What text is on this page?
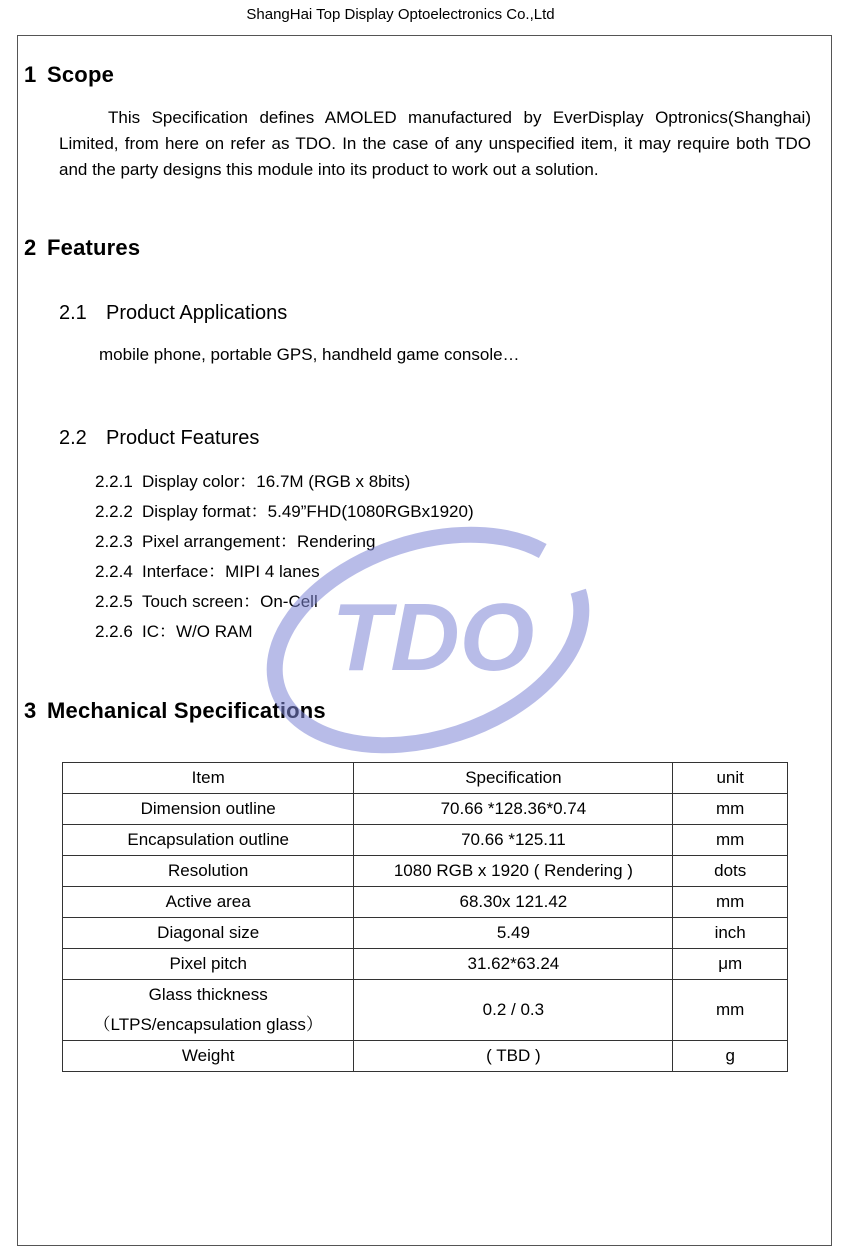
ShangHai Top Display Optoelectronics Co.,Ltd
1 Scope
This Specification defines AMOLED manufactured by EverDisplay Optronics(Shanghai) Limited, from here on refer as TDO. In the case of any unspecified item, it may require both TDO and the party designs this module into its product to work out a solution.
2 Features
2.1 Product Applications
mobile phone, portable GPS, handheld game console…
2.2 Product Features
2.2.1 Display color：16.7M (RGB x 8bits)
2.2.2 Display format：5.49”FHD(1080RGBx1920)
2.2.3 Pixel arrangement：Rendering
2.2.4 Interface：MIPI 4 lanes
2.2.5 Touch screen：On-Cell
2.2.6 IC：W/O RAM
3 Mechanical Specifications
Item	Specification	unit
Dimension outline	70.66 *128.36*0.74	mm
Encapsulation outline	70.66 *125.11	mm
Resolution	1080 RGB x 1920 ( Rendering )	dots
Active area	68.30x 121.42	mm
Diagonal size	5.49	inch
Pixel pitch	31.62*63.24	μm

Glass thickness
（LTPS/encapsulation glass）	0.2 / 0.3	mm
Weight	( TBD )	g
TDO
